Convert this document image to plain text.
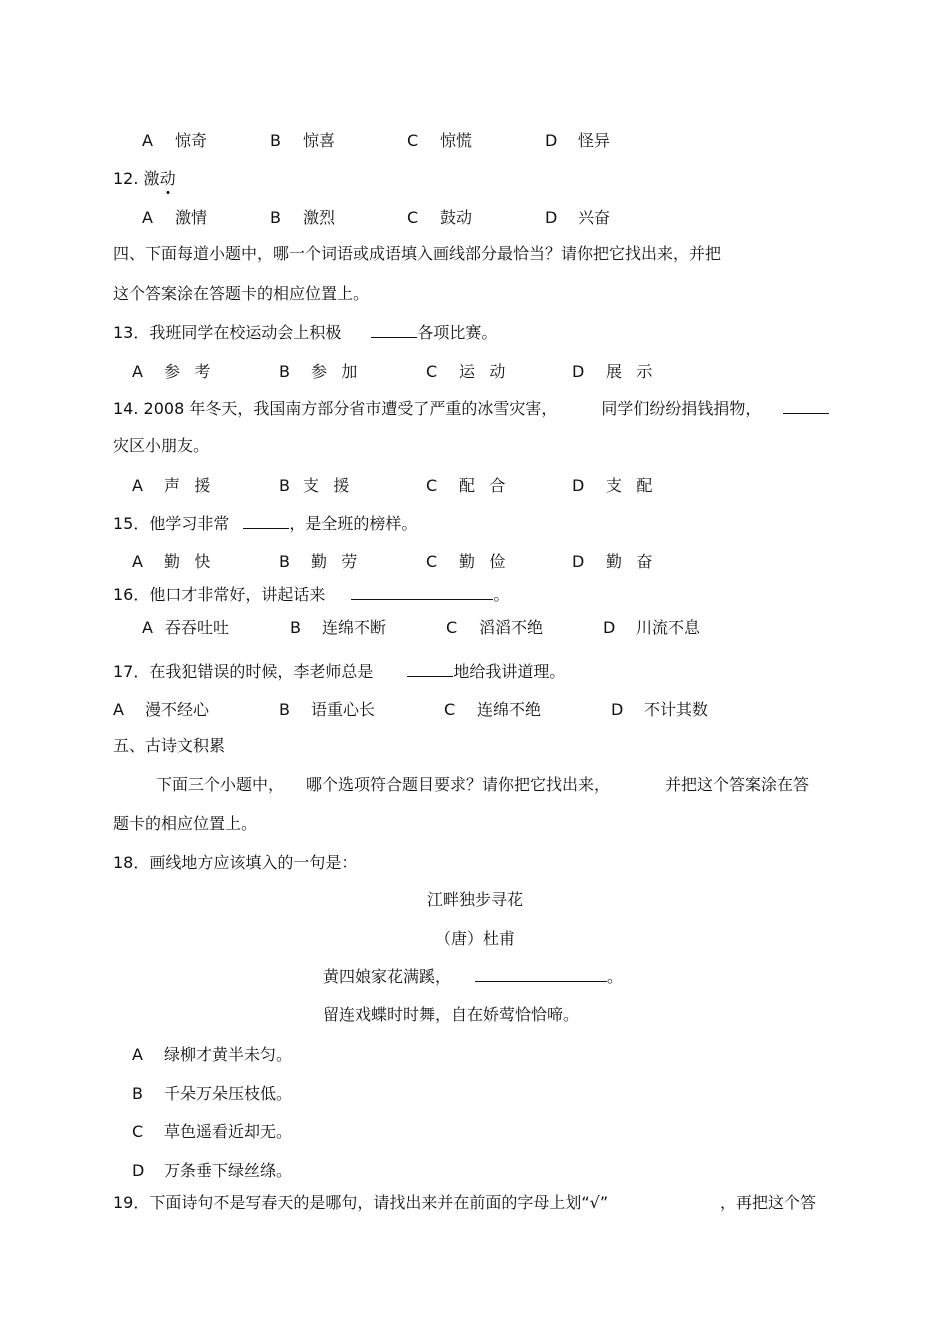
A 惊奇	B 惊喜	C 惊慌	D 怪异
12. 激动
A 激情	B 激烈	C 鼓动	D 兴奋
四、下面每道小题中，哪一个词语或成语填入画线部分最恰当？请你把它找出来，并把
这个答案涂在答题卡的相应位置上。
13．我班同学在校运动会上积极	各项比赛。
A 参考	B 参加	C 运动	D 展示
14. 2008 年冬天，我国南方部分省市遭受了严重的冰雪灾害，	同学们纷纷捐钱捐物，
灾区小朋友。
A 声援	B 支援	C 配合	D 支配
15．他学习非常	，是全班的榜样。
A 勤快	B 勤劳	C 勤俭	D 勤奋
16．他口才非常好，讲起话来	。
A 吞吞吐吐	B 连绵不断	C 滔滔不绝	D 川流不息
17．在我犯错误的时候，李老师总是	地给我讲道理。
A 漫不经心	B 语重心长	C 连绵不绝	D 不计其数
五、古诗文积累
下面三个小题中， 哪个选项符合题目要求？请你把它找出来，	并把这个答案涂在答
题卡的相应位置上。
18．画线地方应该填入的一句是：
江畔独步寻花
（唐）杜甫
黄四娘家花满蹊，	。
留连戏蝶时时舞，自在娇莺恰恰啼。
A 绿柳才黄半未匀。
B 千朵万朵压枝低。
C 草色遥看近却无。
D 万条垂下绿丝绦。
19．下面诗句不是写春天的是哪句，请找出来并在前面的字母上划“√”	，再把这个答
